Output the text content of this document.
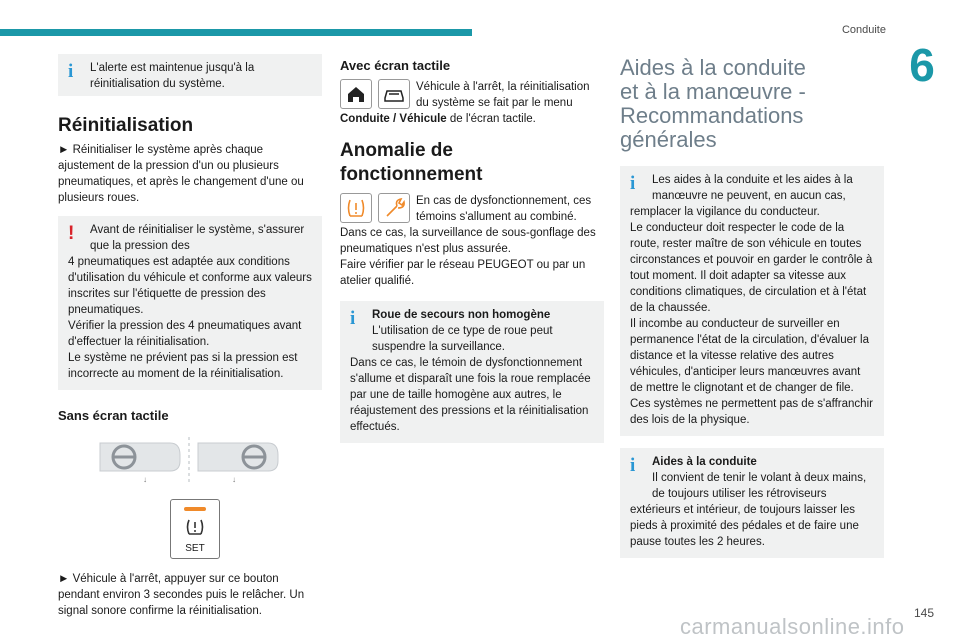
Conduite
6
i L'alerte est maintenue jusqu'à la réinitialisation du système.
Réinitialisation

► Réinitialiser le système après chaque ajustement de la pression d'un ou plusieurs pneumatiques, et après le changement d'une ou plusieurs roues.

! Avant de réinitialiser le système, s'assurer que la pression des
4 pneumatiques est adaptée aux conditions d'utilisation du véhicule et conforme aux valeurs inscrites sur l'étiquette de pression des pneumatiques.
Vérifier la pression des 4 pneumatiques avant d'effectuer la réinitialisation.
Le système ne prévient pas si la pression est incorrecte au moment de la réinitialisation.
Sans écran tactile
↓	↓
SET

► Véhicule à l'arrêt, appuyer sur ce bouton pendant environ 3 secondes puis le relâcher. Un signal sonore confirme la réinitialisation.

Avec écran tactile
Véhicule à l'arrêt, la réinitialisation du système se fait par le menu

Conduite / Véhicule de l'écran tactile.

Anomalie de fonctionnement
En cas de dysfonctionnement, ces témoins s'allument au combiné.

Dans ce cas, la surveillance de sous-gonflage des pneumatiques n'est plus assurée.

Faire vérifier par le réseau PEUGEOT ou par un atelier qualifié.

i Roue de secours non homogène
L'utilisation de ce type de roue peut suspendre la surveillance.
Dans ce cas, le témoin de dysfonctionnement s'allume et disparaît une fois la roue remplacée par une de taille homogène aux autres, le réajustement des pressions et la réinitialisation effectués.
Aides à la conduite et à la manœuvre - Recommandations générales
i Les aides à la conduite et les aides à la manœuvre ne peuvent, en aucun cas,
remplacer la vigilance du conducteur.
Le conducteur doit respecter le code de la route, rester maître de son véhicule en toutes circonstances et pouvoir en garder le contrôle à tout moment. Il doit adapter sa vitesse aux conditions climatiques, de circulation et à l'état de la chaussée.
Il incombe au conducteur de surveiller en permanence l'état de la circulation, d'évaluer la distance et la vitesse relative des autres véhicules, d'anticiper leurs manœuvres avant de mettre le clignotant et de changer de file.
Ces systèmes ne permettent pas de s'affranchir des lois de la physique.
i Aides à la conduite
Il convient de tenir le volant à deux mains, de toujours utiliser les rétroviseurs
extérieurs et intérieur, de toujours laisser les pieds à proximité des pédales et de faire une pause toutes les 2 heures.
145
carmanualsonline.info
